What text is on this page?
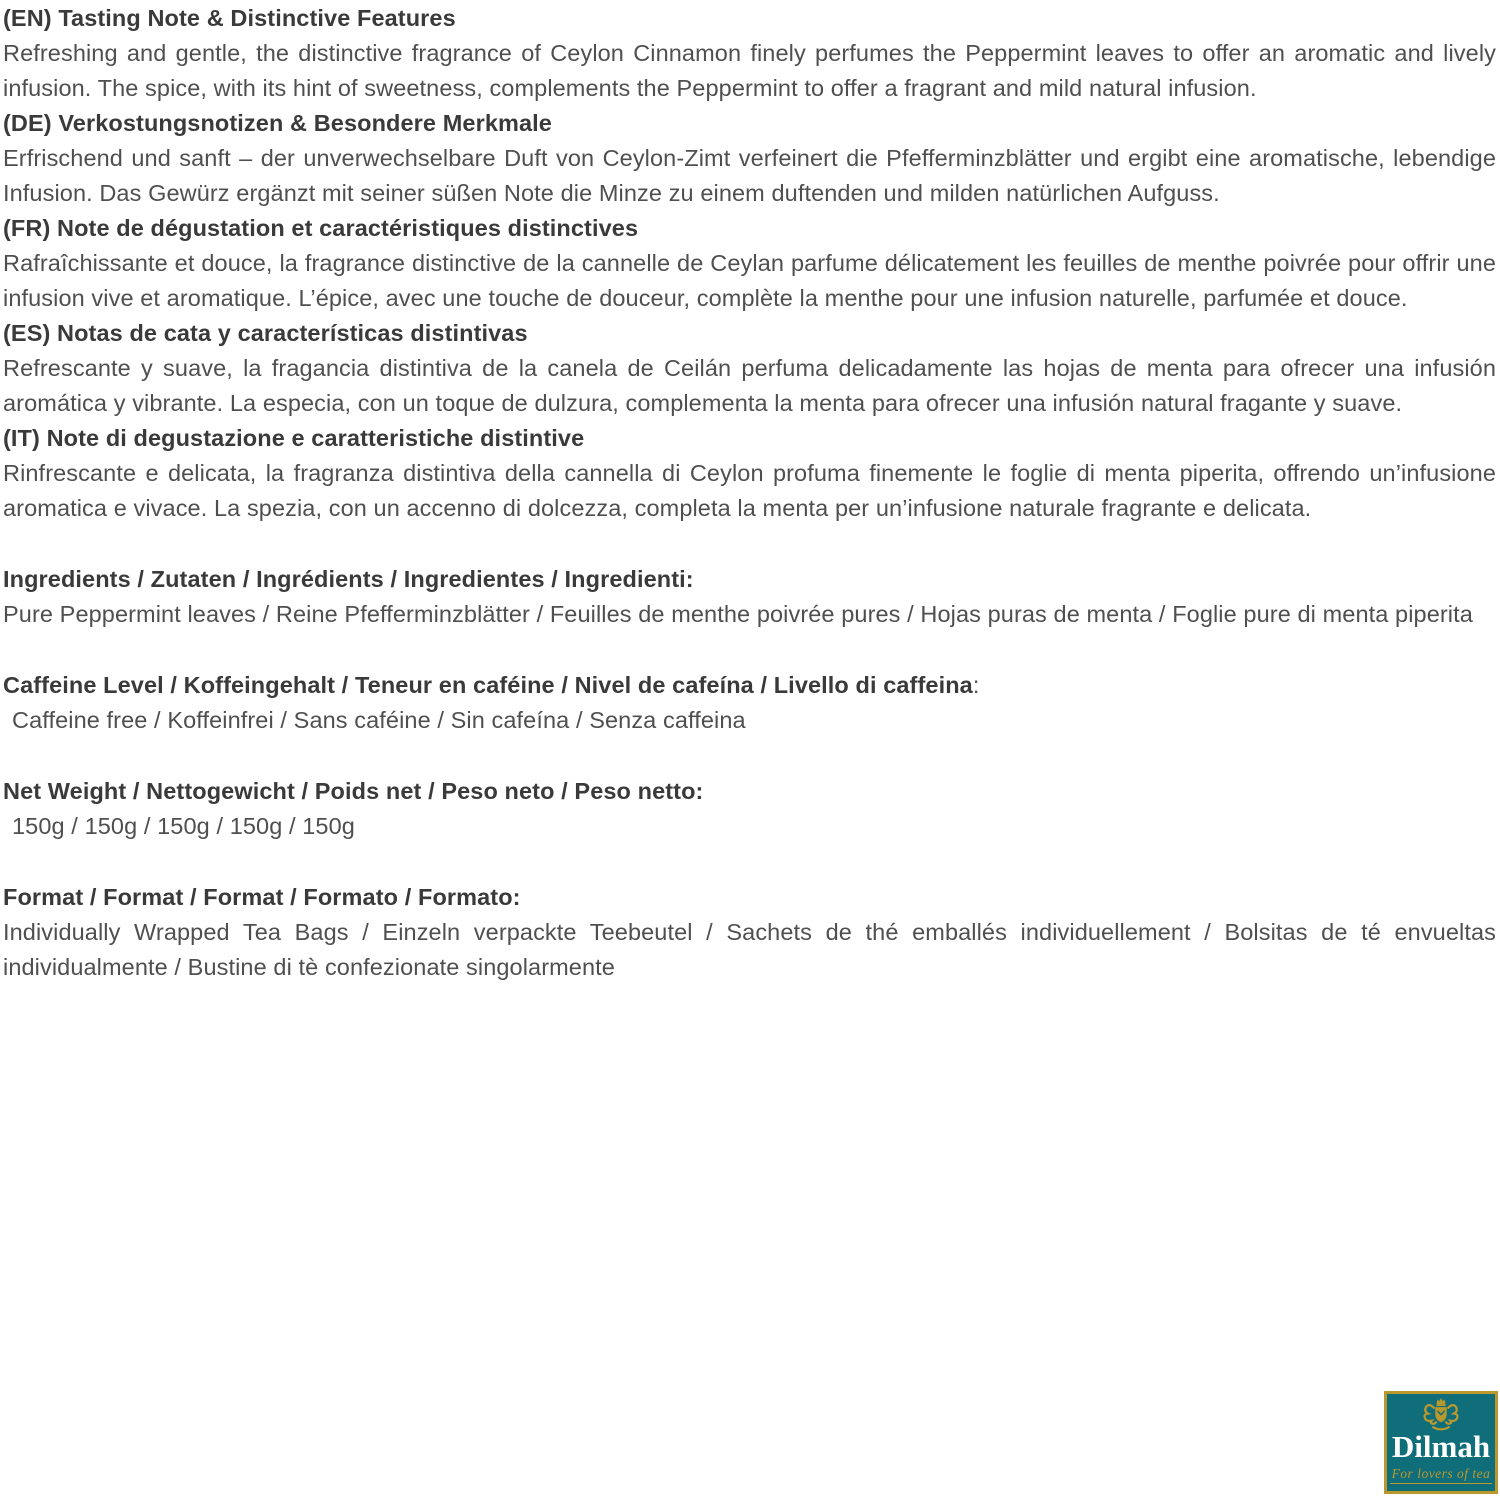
(EN) Tasting Note & Distinctive Features

Refreshing and gentle, the distinctive fragrance of Ceylon Cinnamon finely perfumes the Peppermint leaves to offer an aromatic and lively infusion. The spice, with its hint of sweetness, complements the Peppermint to offer a fragrant and mild natural infusion.

(DE) Verkostungsnotizen & Besondere Merkmale

Erfrischend und sanft – der unverwechselbare Duft von Ceylon-Zimt verfeinert die Pfefferminzblätter und ergibt eine aromatische, lebendige Infusion. Das Gewürz ergänzt mit seiner süßen Note die Minze zu einem duftenden und milden natürlichen Aufguss.

(FR) Note de dégustation et caractéristiques distinctives

Rafraîchissante et douce, la fragrance distinctive de la cannelle de Ceylan parfume délicatement les feuilles de menthe poivrée pour offrir une infusion vive et aromatique. L’épice, avec une touche de douceur, complète la menthe pour une infusion naturelle, parfumée et douce.

(ES) Notas de cata y características distintivas

Refrescante y suave, la fragancia distintiva de la canela de Ceilán perfuma delicadamente las hojas de menta para ofrecer una infusión aromática y vibrante. La especia, con un toque de dulzura, complementa la menta para ofrecer una infusión natural fragante y suave.

(IT) Note di degustazione e caratteristiche distintive

Rinfrescante e delicata, la fragranza distintiva della cannella di Ceylon profuma finemente le foglie di menta piperita, offrendo un’infusione aromatica e vivace. La spezia, con un accenno di dolcezza, completa la menta per un’infusione naturale fragrante e delicata.

Ingredients / Zutaten / Ingrédients / Ingredientes / Ingredienti:

Pure Peppermint leaves / Reine Pfefferminzblätter / Feuilles de menthe poivrée pures / Hojas puras de menta / Foglie pure di menta piperita

Caffeine Level / Koffeingehalt / Teneur en caféine / Nivel de cafeína / Livello di caffeina:

Caffeine free / Koffeinfrei / Sans caféine / Sin cafeína / Senza caffeina

Net Weight / Nettogewicht / Poids net / Peso neto / Peso netto:

150g / 150g / 150g / 150g / 150g

Format / Format / Format / Formato / Formato:

Individually Wrapped Tea Bags / Einzeln verpackte Teebeutel / Sachets de thé emballés individuellement / Bolsitas de té envueltas individualmente / Bustine di tè confezionate singolarmente

Dilmah
For lovers of tea
